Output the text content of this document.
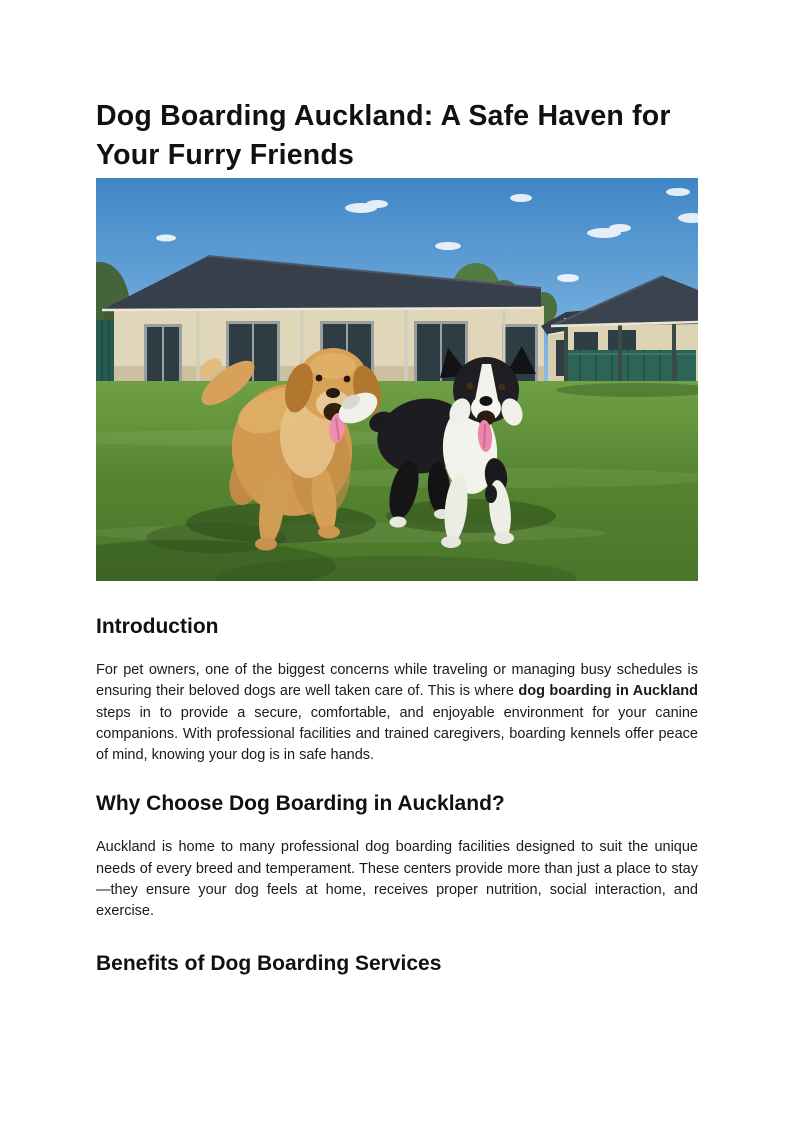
Dog Boarding Auckland: A Safe Haven for Your Furry Friends
Introduction

For pet owners, one of the biggest concerns while traveling or managing busy schedules is ensuring their beloved dogs are well taken care of. This is where dog boarding in Auckland steps in to provide a secure, comfortable, and enjoyable environment for your canine companions. With professional facilities and trained caregivers, boarding kennels offer peace of mind, knowing your dog is in safe hands.

Why Choose Dog Boarding in Auckland?

Auckland is home to many professional dog boarding facilities designed to suit the unique needs of every breed and temperament. These centers provide more than just a place to stay—they ensure your dog feels at home, receives proper nutrition, social interaction, and exercise.

Benefits of Dog Boarding Services
